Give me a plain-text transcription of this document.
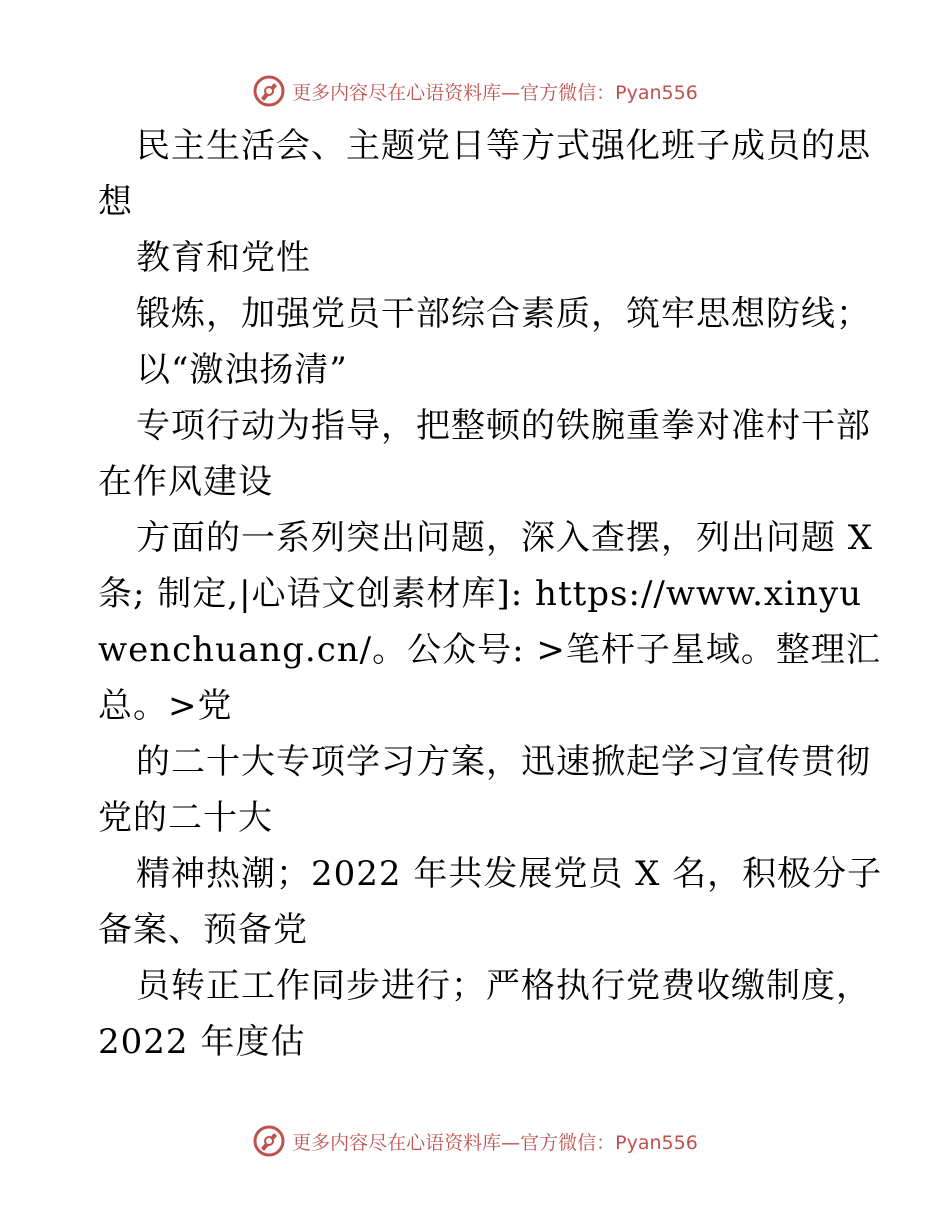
更多内容尽在心语资料库—官方微信：Pyan556
民主生活会、主题党日等方式强化班子成员的思
想
教育和党性
锻炼，加强党员干部综合素质，筑牢思想防线；
以“激浊扬清”
专项行动为指导，把整顿的铁腕重拳对准村干部
在作风建设
方面的一系列突出问题，深入查摆，列出问题 X
条; 制定,|心语文创素材库]: https://www.xinyu
wenchuang.cn/。公众号: >笔杆子星域。整理汇
总。>党
的二十大专项学习方案，迅速掀起学习宣传贯彻
党的二十大
精神热潮；2022 年共发展党员 X 名，积极分子
备案、预备党
员转正工作同步进行；严格执行党费收缴制度，
2022 年度估
更多内容尽在心语资料库—官方微信：Pyan556
